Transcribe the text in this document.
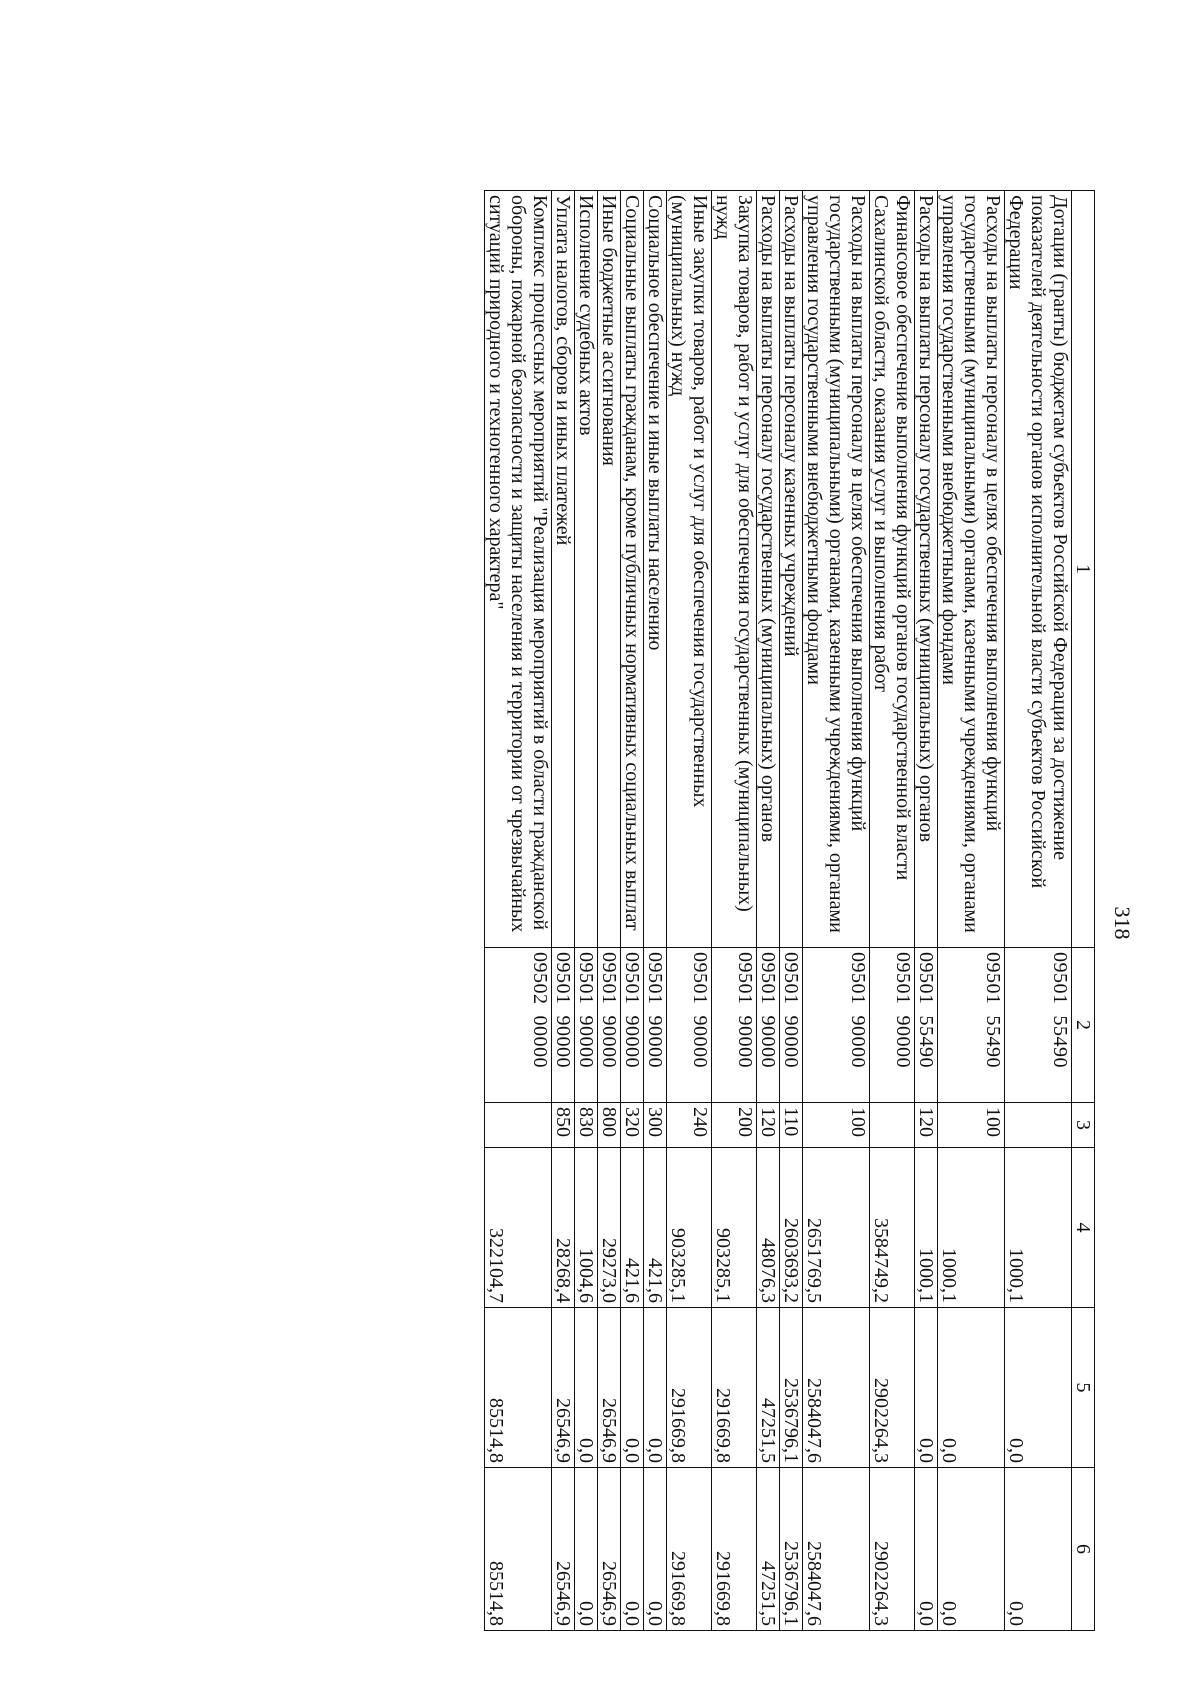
318
1	2	3	4	5	6
Дотации (гранты) бюджетам субъектов Российской Федерации за достижение показателей деятельности органов исполнительной власти субъектов Российской Федерации	09501  55490		1000,1	0,0	0,0
Расходы на выплаты персоналу в целях обеспечения выполнения функций государственными (муниципальными) органами, казенными учреждениями, органами управления государственными внебюджетными фондами	09501  55490	100	1000,1	0,0	0,0
Расходы на выплаты персоналу государственных (муниципальных) органов	09501  55490	120	1000,1	0,0	0,0
Финансовое обеспечение выполнения функций органов государственной власти Сахалинской области, оказания услуг и выполнения работ	09501  90000		3584749,2	2902264,3	2902264,3
Расходы на выплаты персоналу в целях обеспечения выполнения функций государственными (муниципальными) органами, казенными учреждениями, органами управления государственными внебюджетными фондами	09501  90000	100	2651769,5	2584047,6	2584047,6
Расходы на выплаты персоналу казенных учреждений	09501  90000	110	2603693,2	2536796,1	2536796,1
Расходы на выплаты персоналу государственных (муниципальных) органов	09501  90000	120	48076,3	47251,5	47251,5
Закупка товаров, работ и услуг для обеспечения государственных (муниципальных) нужд	09501  90000	200	903285,1	291669,8	291669,8
Иные закупки товаров, работ и услуг для обеспечения государственных (муниципальных) нужд	09501  90000	240	903285,1	291669,8	291669,8
Социальное обеспечение и иные выплаты населению	09501  90000	300	421,6	0,0	0,0
Социальные выплаты гражданам, кроме публичных нормативных социальных выплат	09501  90000	320	421,6	0,0	0,0
Иные бюджетные ассигнования	09501  90000	800	29273,0	26546,9	26546,9
Исполнение судебных актов	09501  90000	830	1004,6	0,0	0,0
Уплата налогов, сборов и иных платежей	09501  90000	850	28268,4	26546,9	26546,9
Комплекс процессных мероприятий "Реализация мероприятий в области гражданской обороны, пожарной безопасности и защиты населения и территории от чрезвычайных ситуаций природного и техногенного характера"	09502  00000		322104,7	85514,8	85514,8
